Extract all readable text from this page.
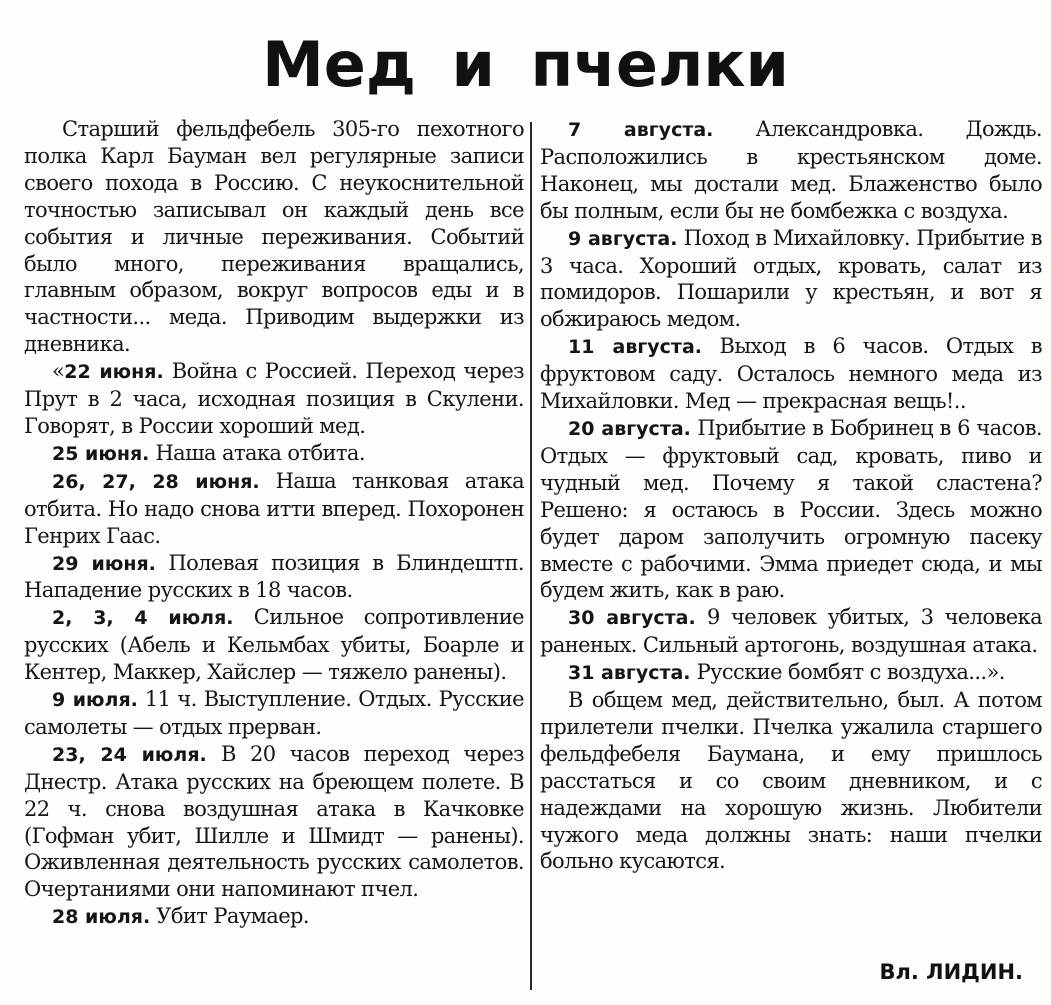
Мед и пчелки

Старший фельдфебель 305-го пехотного полка Карл Бауман вел регулярные записи своего похода в Россию. С неукоснительной точностью записывал он каждый день все события и личные переживания. Событий было много, переживания вращались, главным образом, вокруг вопросов еды и в частности... меда. Приводим выдержки из дневника.

«22 июня. Война с Россией. Переход через Прут в 2 часа, исходная позиция в Скулени. Говорят, в России хороший мед.

25 июня. Наша атака отбита.

26, 27, 28 июня. Наша танковая атака отбита. Но надо снова итти вперед. Похоронен Генрих Гаас.

29 июня. Полевая позиция в Блиндештп. Нападение русских в 18 часов.

2, 3, 4 июля. Сильное сопротивление русских (Абель и Кельмбах убиты, Боарле и Кентер, Маккер, Хайслер — тяжело ранены).

9 июля. 11 ч. Выступление. Отдых. Русские самолеты — отдых прерван.

23, 24 июля. В 20 часов переход через Днестр. Атака русских на бреющем полете. В 22 ч. снова воздушная атака в Качковке (Гофман убит, Шилле и Шмидт — ранены). Оживленная деятельность русских самолетов. Очертаниями они напоминают пчел.

28 июля. Убит Раумаер.

7 августа. Александровка. Дождь. Расположились в крестьянском доме. Наконец, мы достали мед. Блаженство было бы полным, если бы не бомбежка с воздуха.

9 августа. Поход в Михайловку. Прибытие в 3 часа. Хороший отдых, кровать, салат из помидоров. Пошарили у крестьян, и вот я обжираюсь медом.

11 августа. Выход в 6 часов. Отдых в фруктовом саду. Осталось немного меда из Михайловки. Мед — прекрасная вещь!..

20 августа. Прибытие в Бобринец в 6 часов. Отдых — фруктовый сад, кровать, пиво и чудный мед. Почему я такой сластена? Решено: я остаюсь в России. Здесь можно будет даром заполучить огромную пасеку вместе с рабочими. Эмма приедет сюда, и мы будем жить, как в раю.

30 августа. 9 человек убитых, 3 человека раненых. Сильный артогонь, воздушная атака.

31 августа. Русские бомбят с воздуха...».

В общем мед, действительно, был. А потом прилетели пчелки. Пчелка ужалила старшего фельдфебеля Баумана, и ему пришлось расстаться и со своим дневником, и с надеждами на хорошую жизнь. Любители чужого меда должны знать: наши пчелки больно кусаются.

Вл. ЛИДИН.
